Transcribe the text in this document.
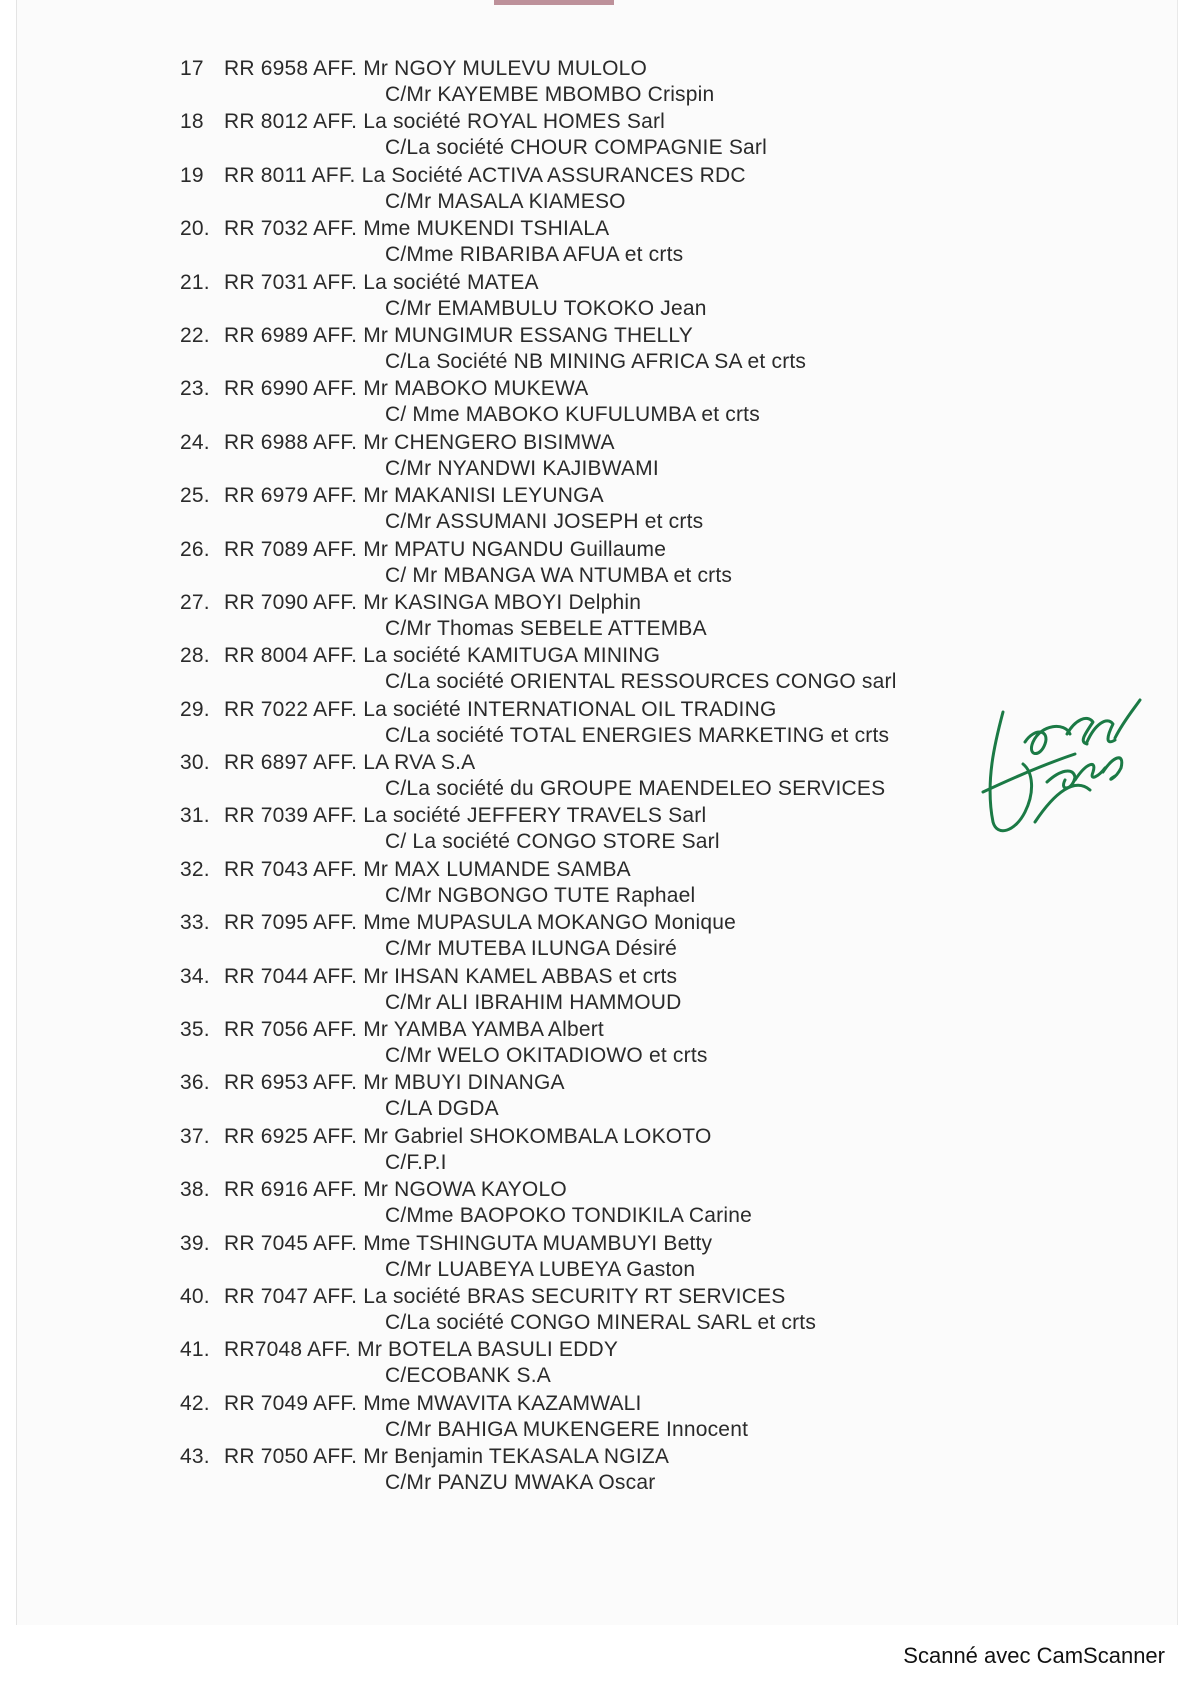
17 RR 6958 AFF. Mr NGOY MULEVU MULOLO
C/Mr KAYEMBE MBOMBO Crispin
18 RR 8012 AFF. La société ROYAL HOMES Sarl
C/La société CHOUR COMPAGNIE Sarl
19 RR 8011 AFF. La Société ACTIVA ASSURANCES RDC
C/Mr MASALA KIAMESO
20. RR 7032 AFF. Mme MUKENDI TSHIALA
C/Mme RIBARIBA AFUA et crts
21. RR 7031 AFF. La société MATEA
C/Mr EMAMBULU TOKOKO Jean
22. RR 6989 AFF. Mr MUNGIMUR ESSANG THELLY
C/La Société NB MINING AFRICA SA et crts
23. RR 6990 AFF. Mr MABOKO MUKEWA
C/ Mme MABOKO KUFULUMBA et crts
24. RR 6988 AFF. Mr CHENGERO BISIMWA
C/Mr NYANDWI KAJIBWAMI
25. RR 6979 AFF. Mr MAKANISI LEYUNGA
C/Mr ASSUMANI JOSEPH et crts
26. RR 7089 AFF. Mr MPATU NGANDU Guillaume
C/ Mr MBANGA WA NTUMBA et crts
27. RR 7090 AFF. Mr KASINGA MBOYI Delphin
C/Mr Thomas SEBELE ATTEMBA
28. RR 8004 AFF. La société KAMITUGA MINING
C/La société ORIENTAL RESSOURCES CONGO sarl
29. RR 7022 AFF. La société INTERNATIONAL OIL TRADING
C/La société TOTAL ENERGIES MARKETING et crts
30. RR 6897 AFF. LA RVA S.A
C/La société du GROUPE MAENDELEO SERVICES
31. RR 7039 AFF. La société JEFFERY TRAVELS Sarl
C/ La société CONGO STORE Sarl
32. RR 7043 AFF. Mr MAX LUMANDE SAMBA
C/Mr NGBONGO TUTE Raphael
33. RR 7095 AFF. Mme MUPASULA MOKANGO Monique
C/Mr MUTEBA ILUNGA Désiré
34. RR 7044 AFF. Mr IHSAN KAMEL ABBAS et crts
C/Mr ALI IBRAHIM HAMMOUD
35. RR 7056 AFF. Mr YAMBA YAMBA Albert
C/Mr WELO OKITADIOWO et crts
36. RR 6953 AFF. Mr MBUYI DINANGA
C/LA DGDA
37. RR 6925 AFF. Mr Gabriel SHOKOMBALA LOKOTO
C/F.P.I
38. RR 6916 AFF. Mr NGOWA KAYOLO
C/Mme BAOPOKO TONDIKILA Carine
39. RR 7045 AFF. Mme TSHINGUTA MUAMBUYI Betty
C/Mr LUABEYA LUBEYA Gaston
40. RR 7047 AFF. La société BRAS SECURITY RT SERVICES
C/La société CONGO MINERAL SARL et crts
41. RR7048 AFF. Mr BOTELA BASULI EDDY
C/ECOBANK S.A
42. RR 7049 AFF. Mme MWAVITA KAZAMWALI
C/Mr BAHIGA MUKENGERE Innocent
43. RR 7050 AFF. Mr Benjamin TEKASALA NGIZA
C/Mr PANZU MWAKA Oscar
Scanné avec CamScanner
